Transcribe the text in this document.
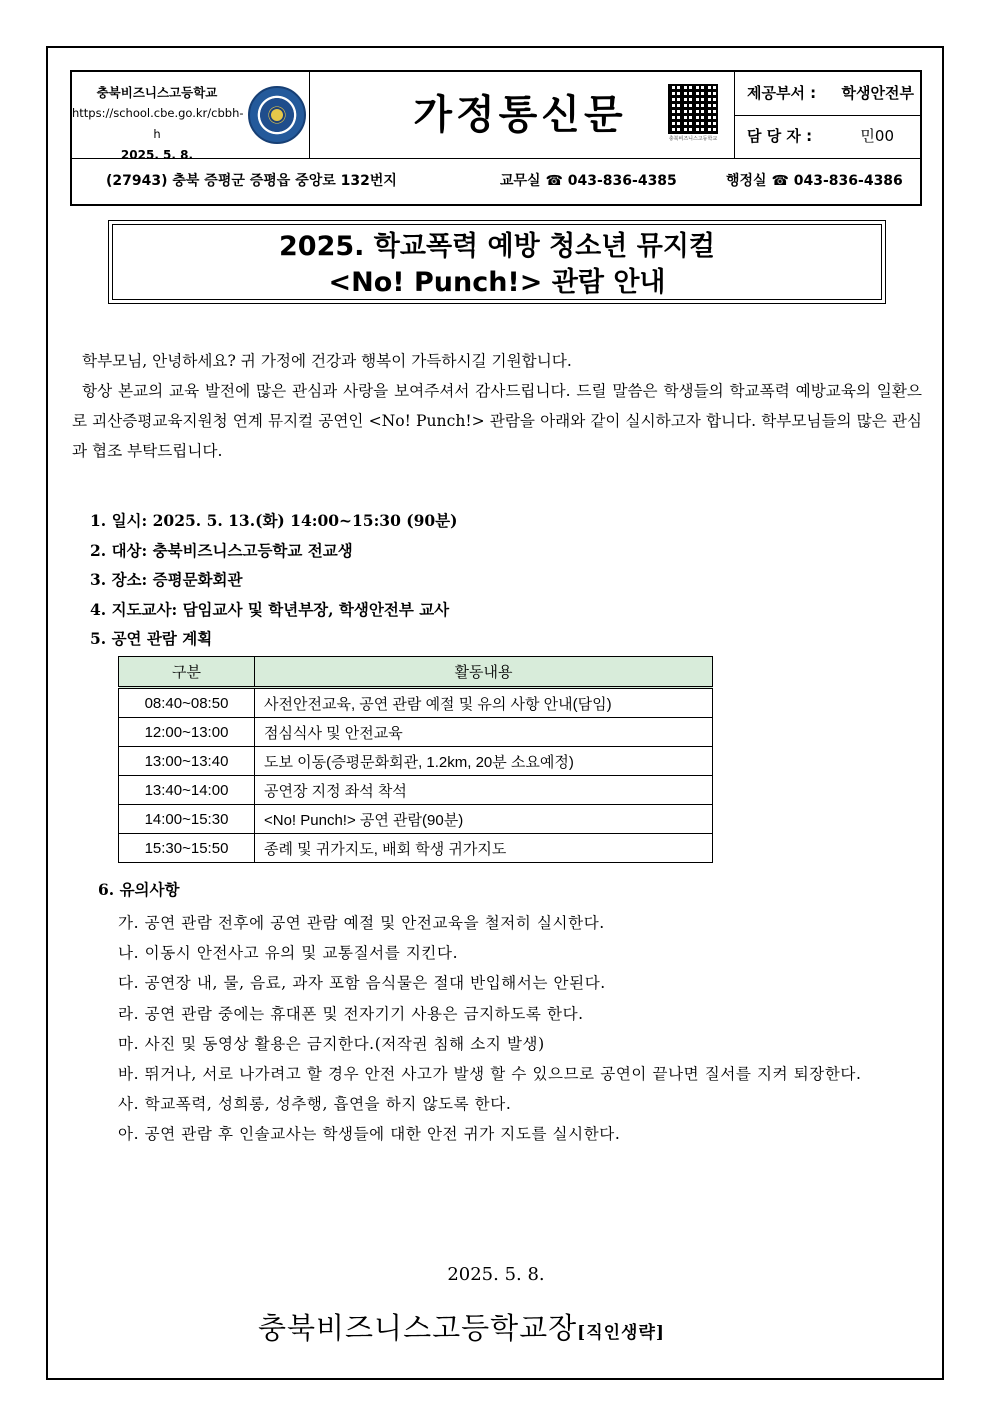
충북비즈니스고등학교
https://school.cbe.go.kr/cbbh-h
2025. 5. 8.
가정통신문
충북비즈니스고등학교
제공부서 : 학생안전부
담 당 자 :	민00
(27943) 충북 증평군 증평읍 중앙로 132번지	교무실 ☎ 043-836-4385	행정실 ☎ 043-836-4386
2025. 학교폭력 예방 청소년 뮤지컬
<No! Punch!> 관람 안내

학부모님, 안녕하세요? 귀 가정에 건강과 행복이 가득하시길 기원합니다.

항상 본교의 교육 발전에 많은 관심과 사랑을 보여주셔서 감사드립니다. 드릴 말씀은 학생들의 학교폭력 예방교육의 일환으로 괴산증평교육지원청 연계 뮤지컬 공연인 <No! Punch!> 관람을 아래와 같이 실시하고자 합니다. 학부모님들의 많은 관심과 협조 부탁드립니다.

1. 일시: 2025. 5. 13.(화) 14:00~15:30 (90분)
2. 대상: 충북비즈니스고등학교 전교생
3. 장소: 증평문화회관
4. 지도교사: 담임교사 및 학년부장, 학생안전부 교사
5. 공연 관람 계획
구분	활동내용
08:40~08:50	사전안전교육, 공연 관람 예절 및 유의 사항 안내(담임)
12:00~13:00	점심식사 및 안전교육
13:00~13:40	도보 이동(증평문화회관, 1.2km, 20분 소요예정)
13:40~14:00	공연장 지정 좌석 착석
14:00~15:30	<No! Punch!> 공연 관람(90분)
15:30~15:50	종례 및 귀가지도, 배회 학생 귀가지도
6. 유의사항
가. 공연 관람 전후에 공연 관람 예절 및 안전교육을 철저히 실시한다.
나. 이동시 안전사고 유의 및 교통질서를 지킨다.
다. 공연장 내, 물, 음료, 과자 포함 음식물은 절대 반입해서는 안된다.
라. 공연 관람 중에는 휴대폰 및 전자기기 사용은 금지하도록 한다.
마. 사진 및 동영상 활용은 금지한다.(저작권 침해 소지 발생)
바. 뛰거나, 서로 나가려고 할 경우 안전 사고가 발생 할 수 있으므로 공연이 끝나면 질서를 지켜 퇴장한다.
사. 학교폭력, 성희롱, 성추행, 흡연을 하지 않도록 한다.
아. 공연 관람 후 인솔교사는 학생들에 대한 안전 귀가 지도를 실시한다.
2025. 5. 8.
충북비즈니스고등학교장[직인생략]
